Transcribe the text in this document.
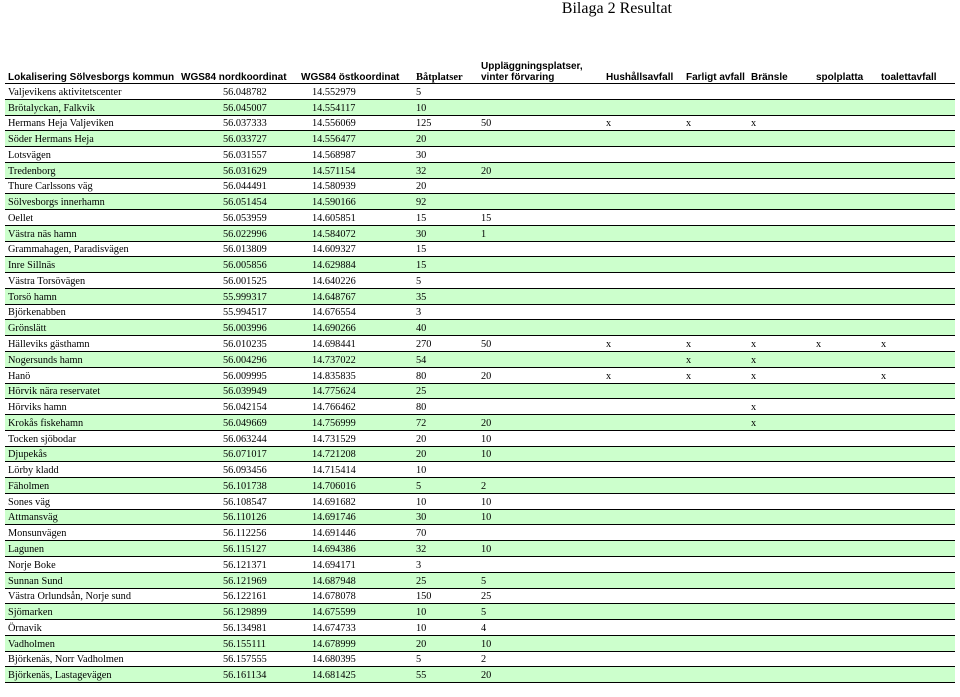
Bilaga 2 Resultat
Lokalisering Sölvesborgs kommun	WGS84 nordkoordinat	WGS84 östkoordinat	Båtplatser	Uppläggningsplatser, vinter förvaring	Hushållsavfall	Farligt avfall	Bränsle	spolplatta	toalettavfall
Valjevikens aktivitetscenter	56.048782	14.552979	5						
Brötalyckan, Falkvik	56.045007	14.554117	10						
Hermans Heja Valjeviken	56.037333	14.556069	125	50	x	x	x		
Söder Hermans Heja	56.033727	14.556477	20						
Lotsvägen	56.031557	14.568987	30						
Tredenborg	56.031629	14.571154	32	20					
Thure Carlssons väg	56.044491	14.580939	20						
Sölvesborgs innerhamn	56.051454	14.590166	92						
Oellet	56.053959	14.605851	15	15					
Västra näs hamn	56.022996	14.584072	30	1					
Grammahagen, Paradisvägen	56.013809	14.609327	15						
Inre Sillnäs	56.005856	14.629884	15						
Västra Torsövägen	56.001525	14.640226	5						
Torsö hamn	55.999317	14.648767	35						
Björkenabben	55.994517	14.676554	3						
Grönslätt	56.003996	14.690266	40						
Hälleviks gästhamn	56.010235	14.698441	270	50	x	x	x	x	x
Nogersunds hamn	56.004296	14.737022	54			x	x		
Hanö	56.009995	14.835835	80	20	x	x	x		x
Hörvik nära reservatet	56.039949	14.775624	25						
Hörviks hamn	56.042154	14.766462	80				x		
Krokås fiskehamn	56.049669	14.756999	72	20			x		
Tocken sjöbodar	56.063244	14.731529	20	10					
Djupekås	56.071017	14.721208	20	10					
Lörby kladd	56.093456	14.715414	10						
Fäholmen	56.101738	14.706016	5	2					
Sones väg	56.108547	14.691682	10	10					
Attmansväg	56.110126	14.691746	30	10					
Monsunvägen	56.112256	14.691446	70						
Lagunen	56.115127	14.694386	32	10					
Norje Boke	56.121371	14.694171	3						
Sunnan Sund	56.121969	14.687948	25	5					
Västra Orlundsån, Norje sund	56.122161	14.678078	150	25					
Sjömarken	56.129899	14.675599	10	5					
Örnavik	56.134981	14.674733	10	4					
Vadholmen	56.155111	14.678999	20	10					
Björkenäs, Norr Vadholmen	56.157555	14.680395	5	2					
Björkenäs, Lastagevägen	56.161134	14.681425	55	20					
